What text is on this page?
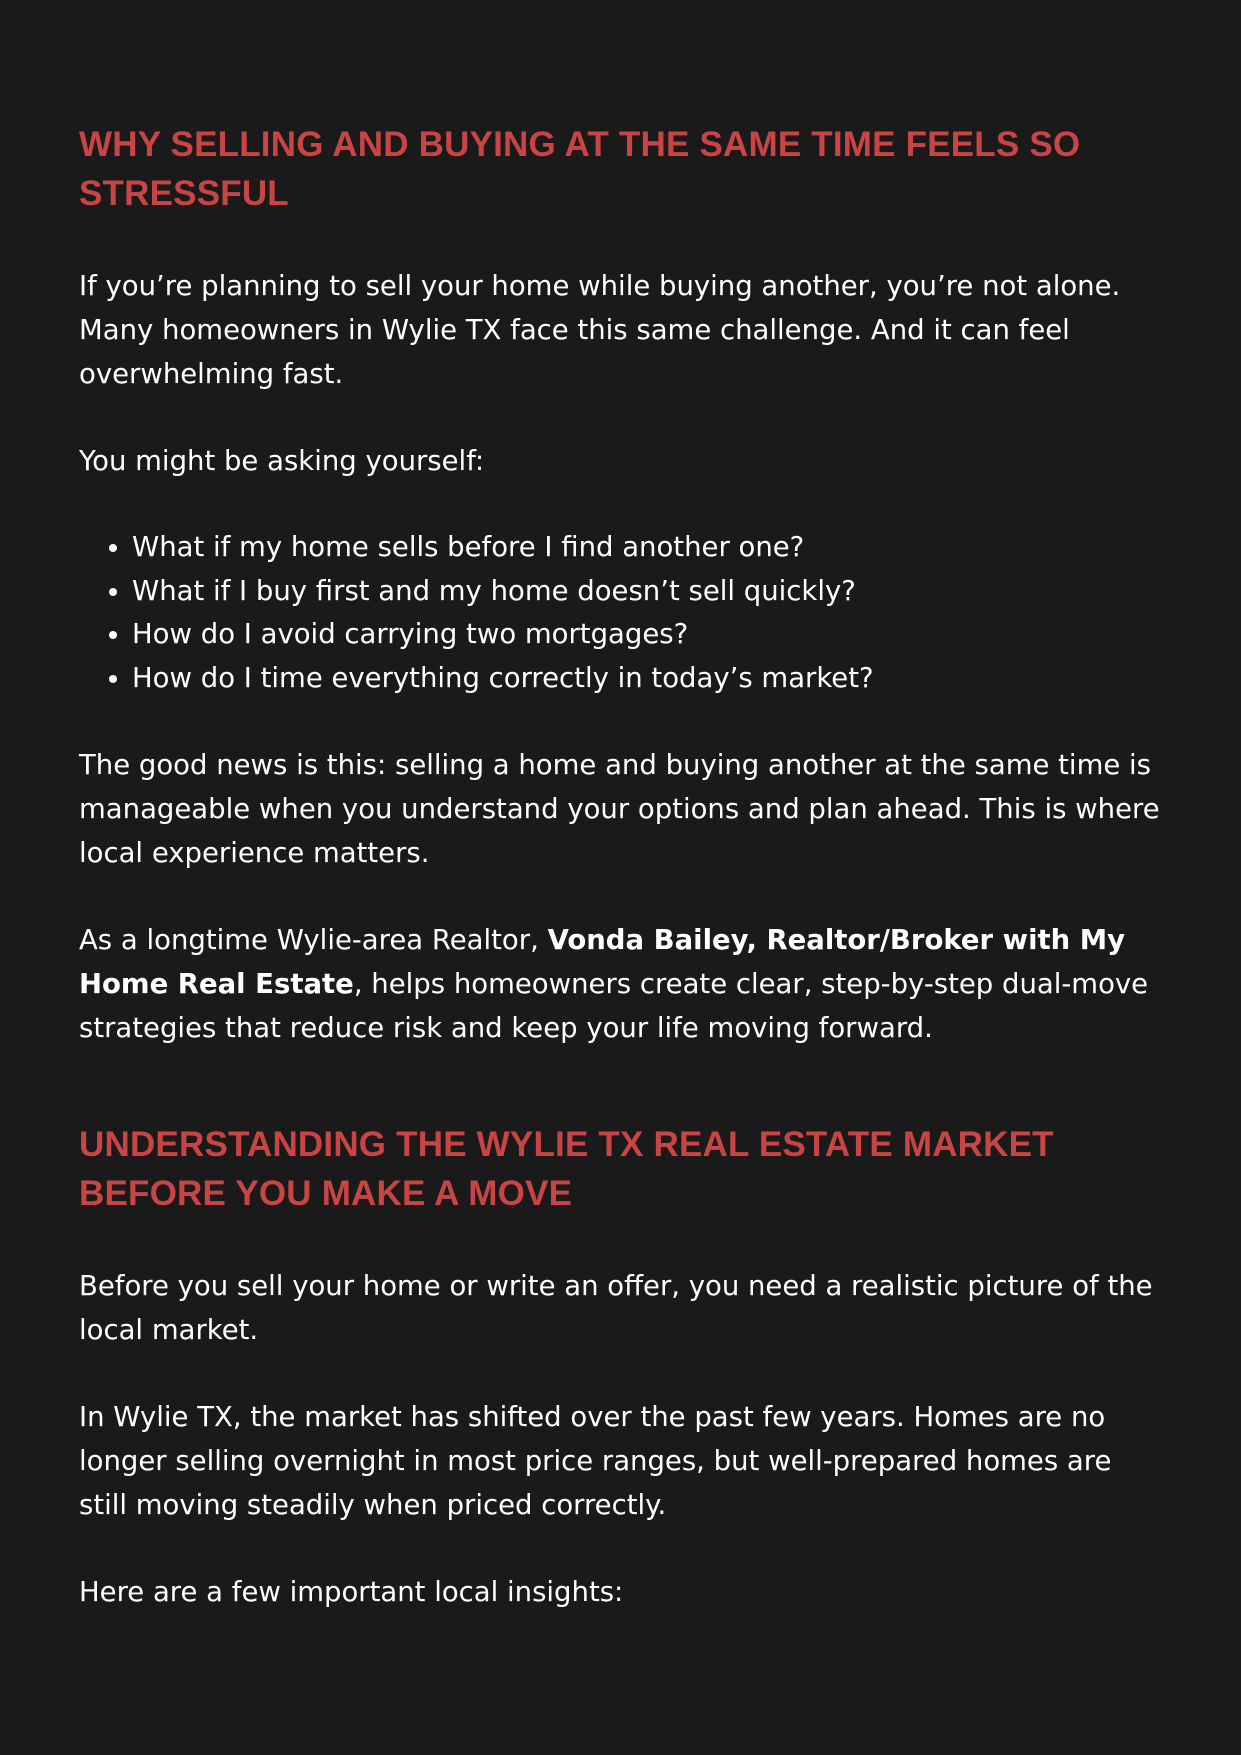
WHY SELLING AND BUYING AT THE SAME TIME FEELS SO STRESSFUL

If you’re planning to sell your home while buying another, you’re not alone. Many homeowners in Wylie TX face this same challenge. And it can feel overwhelming fast.

You might be asking yourself:

• What if my home sells before I find another one?
• What if I buy first and my home doesn’t sell quickly?
• How do I avoid carrying two mortgages?
• How do I time everything correctly in today’s market?

The good news is this: selling a home and buying another at the same time is manageable when you understand your options and plan ahead. This is where local experience matters.

As a longtime Wylie-area Realtor, Vonda Bailey, Realtor/Broker with My Home Real Estate, helps homeowners create clear, step-by-step dual-move strategies that reduce risk and keep your life moving forward.

UNDERSTANDING THE WYLIE TX REAL ESTATE MARKET BEFORE YOU MAKE A MOVE

Before you sell your home or write an offer, you need a realistic picture of the local market.

In Wylie TX, the market has shifted over the past few years. Homes are no longer selling overnight in most price ranges, but well-prepared homes are still moving steadily when priced correctly.

Here are a few important local insights:
